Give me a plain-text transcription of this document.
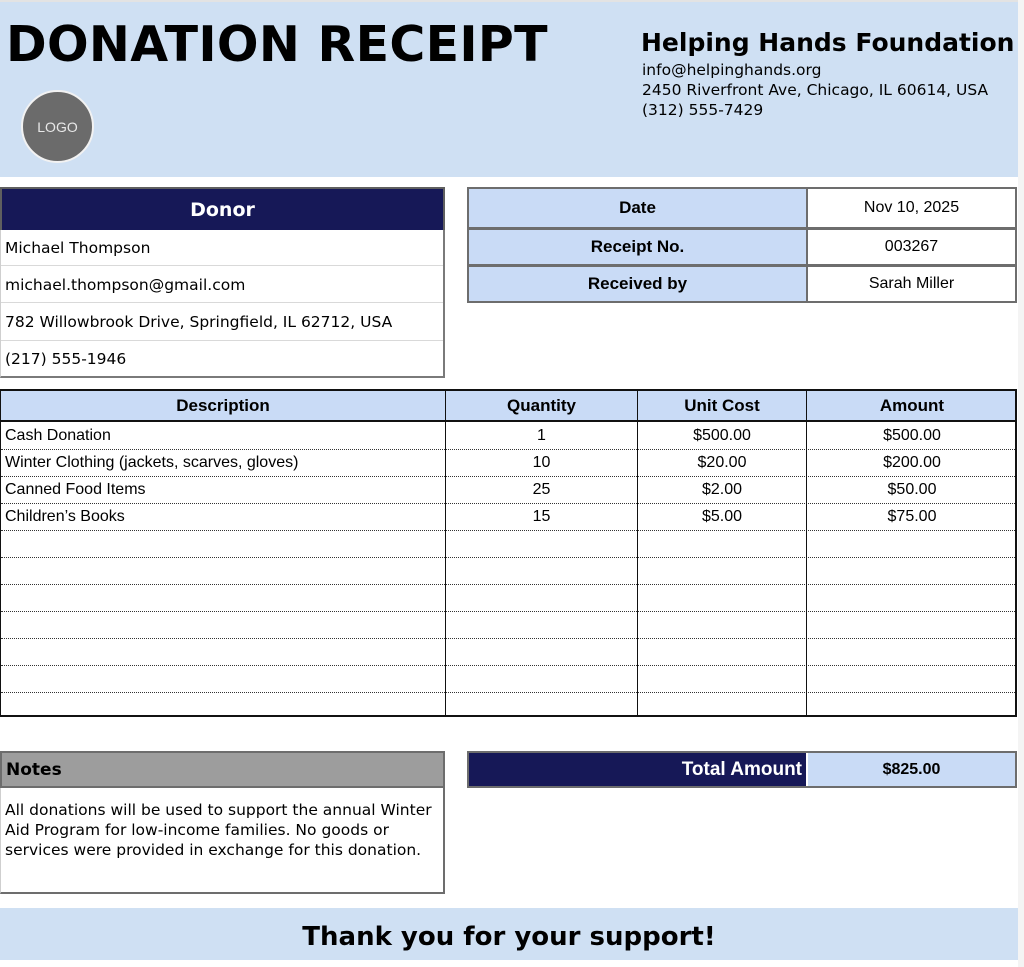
DONATION RECEIPT
LOGO
Helping Hands Foundation
info@helpinghands.org
2450 Riverfront Ave, Chicago, IL 60614, USA
(312) 555-7429
Donor
Michael Thompson
michael.thompson@gmail.com
782 Willowbrook Drive, Springfield, IL 62712, USA
(217) 555-1946
Date	Nov 10, 2025
Receipt No.	003267
Received by	Sarah Miller
Description	Quantity	Unit Cost	Amount
Cash Donation	1	$500.00	$500.00
Winter Clothing (jackets, scarves, gloves)	10	$20.00	$200.00
Canned Food Items	25	$2.00	$50.00
Children’s Books	15	$5.00	$75.00
Notes
All donations will be used to support the annual Winter Aid Program for low-income families. No goods or services were provided in exchange for this donation.
Total Amount	$825.00
Thank you for your support!
